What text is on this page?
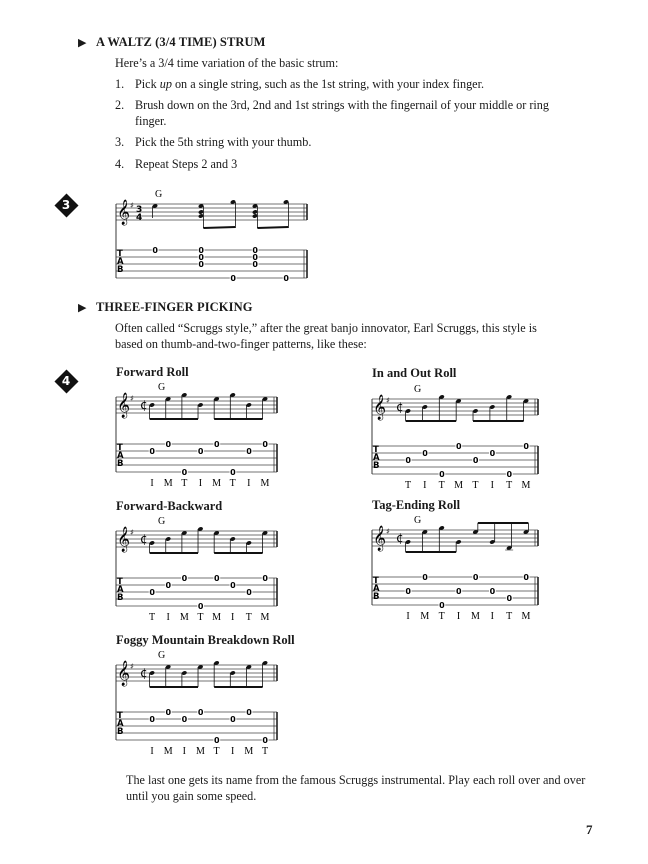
▶ A WALTZ (3/4 TIME) STRUM
Here’s a 3/4 time variation of the basic strum:
1. Pick up on a single string, such as the 1st string, with your index finger.
2. Brush down on the 3rd, 2nd and 1st strings with the fingernail of your middle or ring finger.
3. Pick the 5th string with your thumb.
4. Repeat Steps 2 and 3
3
G
𝄞 ♯ 3
4
T
A
B
0	0
0
0
0
0
0
0
0
▶ THREE-FINGER PICKING
Often called “Scruggs style,” after the great banjo innovator, Earl Scruggs, this style is based on thumb-and-two-finger patterns, like these:
4
Forward Roll
G
𝄞 ♯ ¢
T
A
B
0
0
0
0
0
0
0
0
I M T I M T I M
In and Out Roll
G
𝄞 ♯ ¢
T
A
B
0
0
0
0
0
0
0
0
T I T M T I T M
Forward-Backward
G
𝄞 ♯ ¢
T
A
B
0
0
0
0
0
0
0
0
T I M T M I T M
Tag-Ending Roll
G
𝄞 ♯ ¢
T
A
B
0
0
0
0
0
0
0
0
I M T I M I T M
Foggy Mountain Breakdown Roll
G
𝄞 ♯ ¢
T
A
B
0
0
0
0
0
0
0
0
I M I M T I M T
The last one gets its name from the famous Scruggs instrumental. Play each roll over and over until you gain some speed.
7
